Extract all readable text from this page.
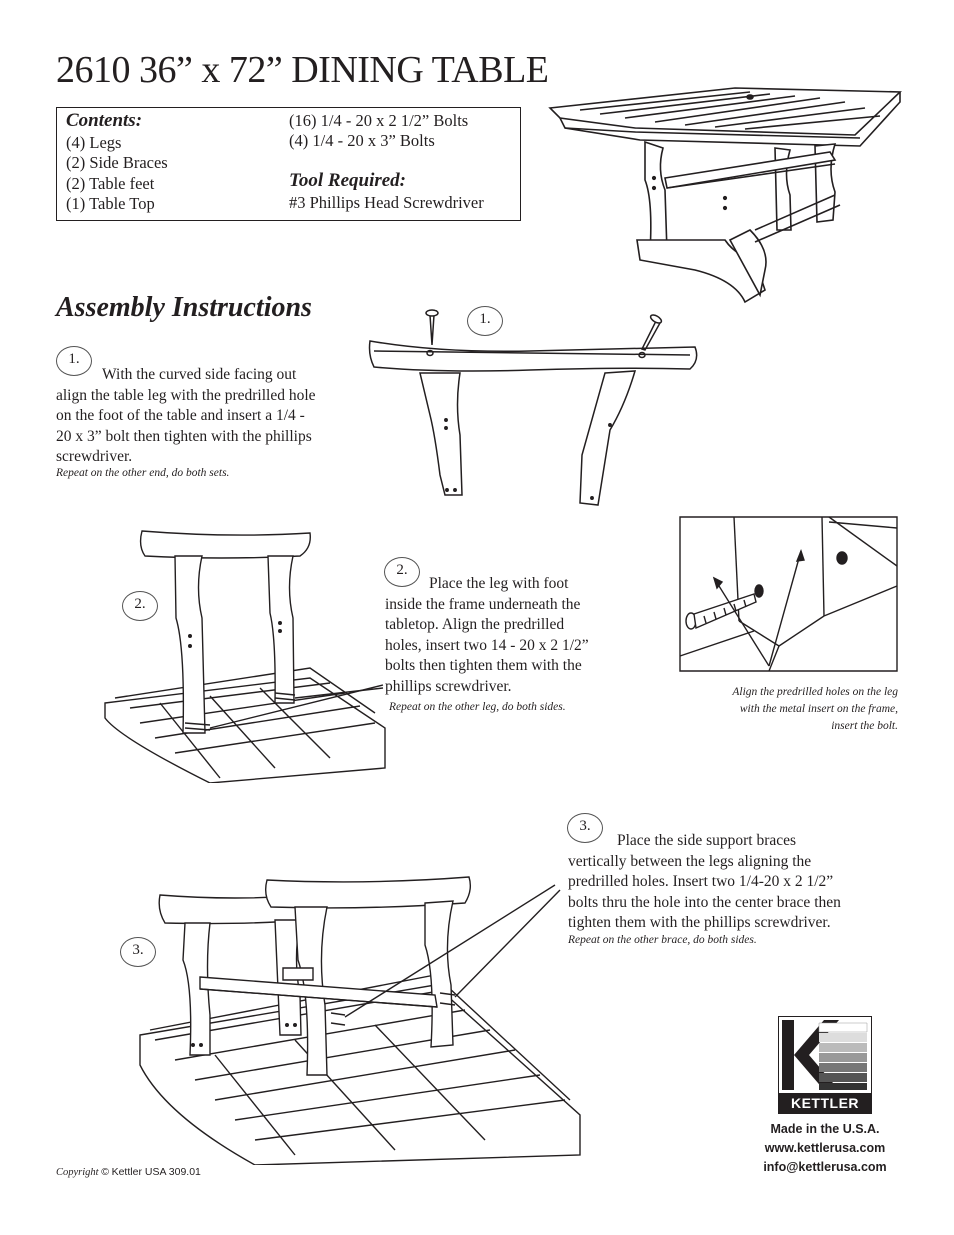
2610 36” x 72” DINING TABLE
Contents:
(4) Legs
(2) Side Braces
(2) Table feet
(1) Table Top
(16) 1/4 - 20 x 2 1/2” Bolts
(4) 1/4 - 20 x 3” Bolts
Tool Required:
#3 Phillips Head Screwdriver
Assembly Instructions
1.
With the curved side facing out
align the table leg with the predrilled hole
on the foot of the table and insert a 1/4 -
20 x 3” bolt then tighten with the phillips
screwdriver.
Repeat on the other end, do both sets.
1.
2.
2.
Place the leg with foot
inside the frame underneath the
tabletop. Align the predrilled
holes, insert two 14 - 20 x 2 1/2”
bolts then tighten them with the
phillips screwdriver.
Repeat on the other leg, do both sides.
Align the predrilled holes on the leg
with the metal insert on the frame,
insert the bolt.
3.
3.
Place the side support braces
vertically between the legs aligning the
predrilled holes. Insert two 1/4-20 x 2 1/2”
bolts thru the hole into the center brace then
tighten them with the phillips screwdriver.
Repeat on the other brace, do both sides.
KETTLER
Made in the U.S.A.
www.kettlerusa.com
info@kettlerusa.com
Copyright © Kettler USA 309.01
